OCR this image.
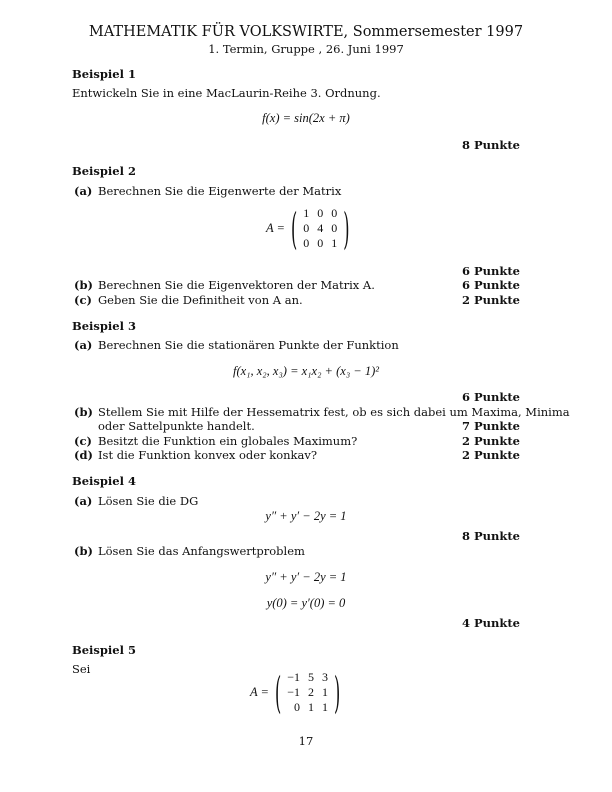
MATHEMATIK FÜR VOLKSWIRTE, Sommersemester 1997
1. Termin, Gruppe , 26. Juni 1997
Beispiel 1
Entwickeln Sie in eine MacLaurin-Reihe 3. Ordnung.
f(x) = sin(2x + π)
8 Punkte
Beispiel 2
(a) Berechnen Sie die Eigenwerte der Matrix
A = ( 1	0	0
0	4	0
0	0	1 )
6 Punkte
(b) Berechnen Sie die Eigenvektoren der Matrix A.	6 Punkte
(c) Geben Sie die Definitheit von A an.	2 Punkte
Beispiel 3
(a) Berechnen Sie die stationären Punkte der Funktion
f(x₁, x₂, x₃) = x₁x₂ + (x₃ − 1)²
6 Punkte
(b) Stellem Sie mit Hilfe der Hessematrix fest, ob es sich dabei um Maxima, Minima
oder Sattelpunkte handelt.	7 Punkte
(c) Besitzt die Funktion ein globales Maximum?	2 Punkte
(d) Ist die Funktion konvex oder konkav?	2 Punkte
Beispiel 4
(a) Lösen Sie die DG
y″ + y′ − 2y = 1
8 Punkte
(b) Lösen Sie das Anfangswertproblem
y″ + y′ − 2y = 1
y(0) = y′(0) = 0
4 Punkte
Beispiel 5
Sei
A = ( −1	5	3
−1	2	1
0	1	1 )
17
